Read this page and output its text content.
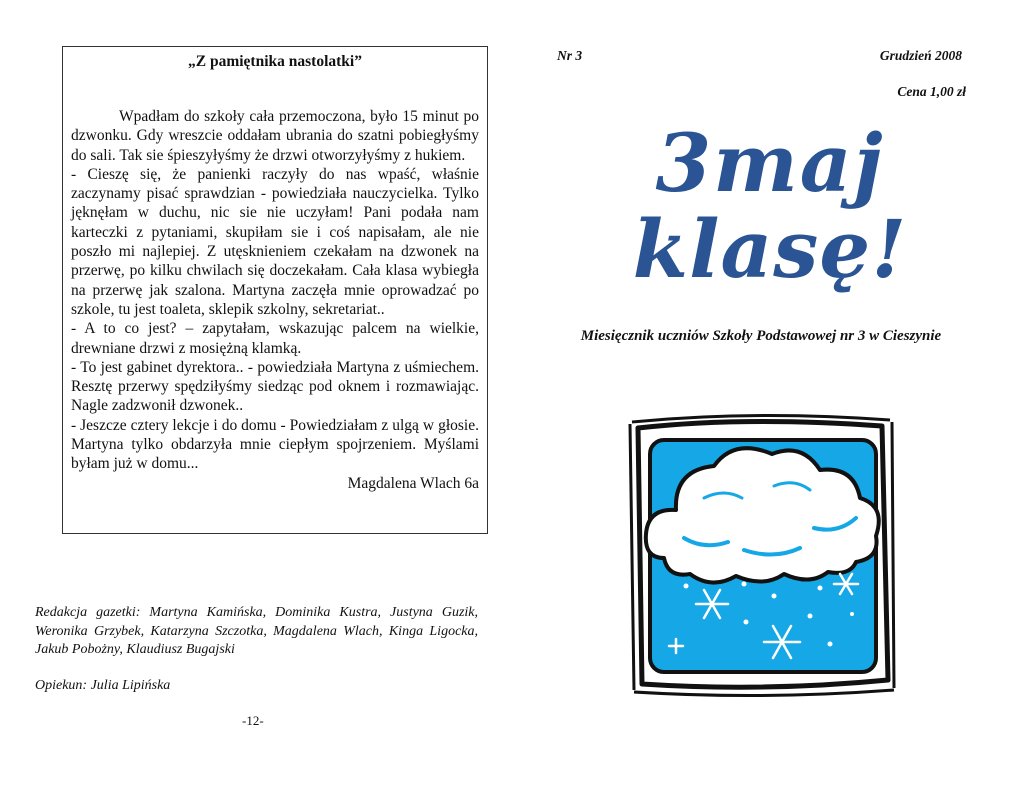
„Z pamiętnika nastolatki”

Wpadłam do szkoły cała przemoczona, było 15 minut po dzwonku. Gdy wreszcie oddałam ubrania do szatni pobiegłyśmy do sali. Tak sie śpieszyłyśmy że drzwi otworzyłyśmy z hukiem.

- Cieszę się, że panienki raczyły do nas wpaść, właśnie zaczynamy pisać sprawdzian - powiedziała nauczycielka. Tylko jęknęłam w duchu, nic sie nie uczyłam! Pani podała nam karteczki z pytaniami, skupiłam sie i coś napisałam, ale nie poszło mi najlepiej. Z utęsknieniem czekałam na dzwonek na przerwę, po kilku chwilach się doczekałam. Cała klasa wybiegła na przerwę jak szalona. Martyna zaczęła mnie oprowadzać po szkole, tu jest toaleta, sklepik szkolny, sekretariat..

- A to co jest? – zapytałam, wskazując palcem na wielkie, drewniane drzwi z mosiężną klamką.

- To jest gabinet dyrektora.. - powiedziała Martyna z uśmiechem. Resztę przerwy spędziłyśmy siedząc pod oknem i rozmawiając. Nagle zadzwonił dzwonek..

- Jeszcze cztery lekcje i do domu - Powiedziałam z ulgą w głosie. Martyna tylko obdarzyła mnie ciepłym spojrzeniem. Myślami byłam już w domu...

Magdalena Wlach 6a
Redakcja gazetki: Martyna Kamińska, Dominika Kustra, Justyna Guzik, Weronika Grzybek, Katarzyna Szczotka, Magdalena Wlach, Kinga Ligocka, Jakub Pobożny, Klaudiusz Bugajski
Opiekun: Julia Lipińska
-12-
Nr 3	Grudzień 2008
Cena 1,00 zł
3maj
klasę!
Miesięcznik uczniów Szkoły Podstawowej nr 3 w Cieszynie
